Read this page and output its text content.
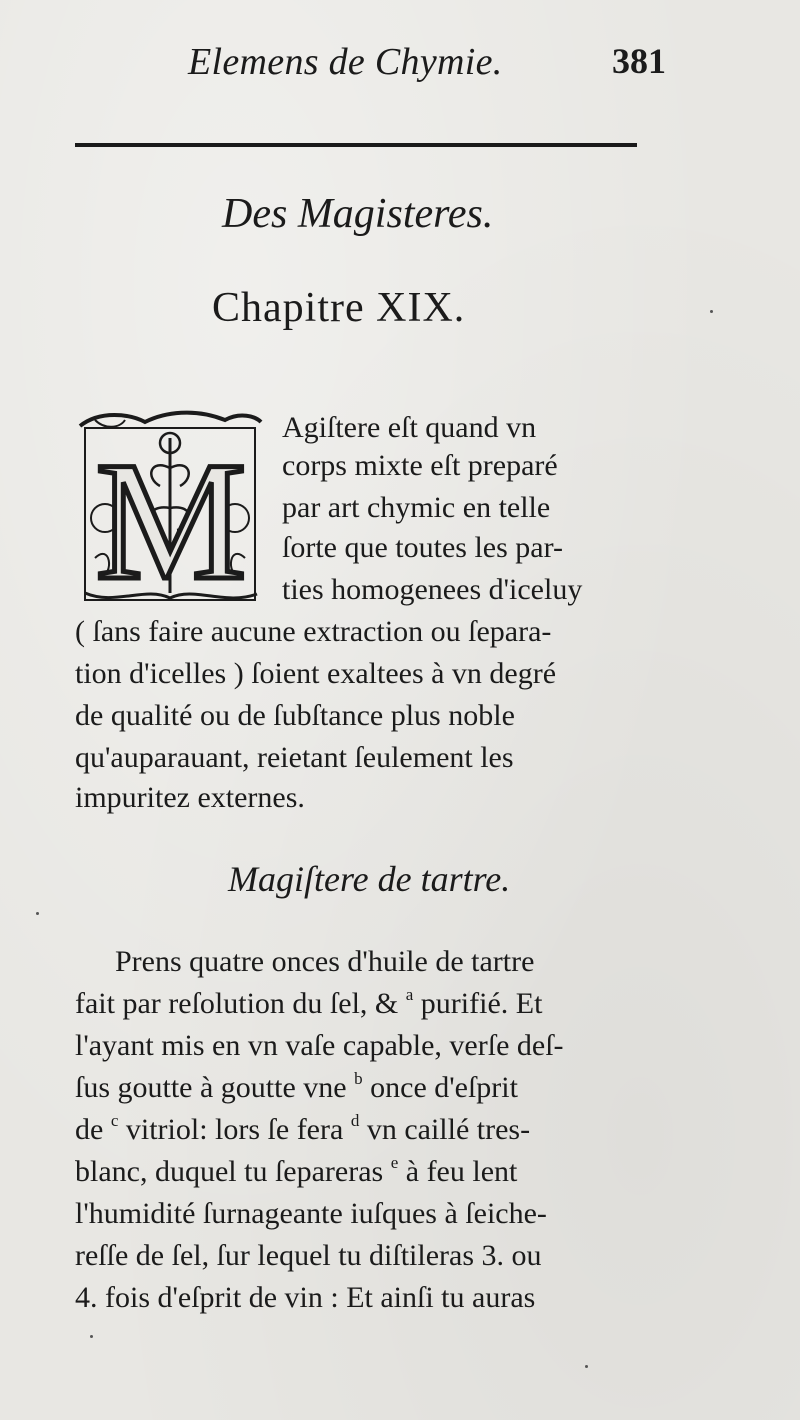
Elemens de Chymie.	381
Des Magisteres.
Chapitre XIX.
M Agiſtere eſt quand vn
corps mixte eſt preparé
par art chymic en telle
ſorte que toutes les par-
ties homogenees d'iceluy
( ſans faire aucune extraction ou ſepara-
tion d'icelles ) ſoient exaltees à vn degré
de qualité ou de ſubſtance plus noble
qu'auparauant, reietant ſeulement les
impuritez externes.
Magiſtere de tartre.
Prens quatre onces d'huile de tartre
fait par reſolution du ſel, & $^a$ purifié. Et
l'ayant mis en vn vaſe capable, verſe deſ-
ſus goutte à goutte vne $^b$ once d'eſprit
de $^c$ vitriol: lors ſe fera $^d$ vn caillé tres-
blanc, duquel tu ſepareras $^e$ à feu lent
l'humidité ſurnageante iuſques à ſeiche-
reſſe de ſel, ſur lequel tu diſtileras 3. ou
4. fois d'eſprit de vin : Et ainſi tu auras
